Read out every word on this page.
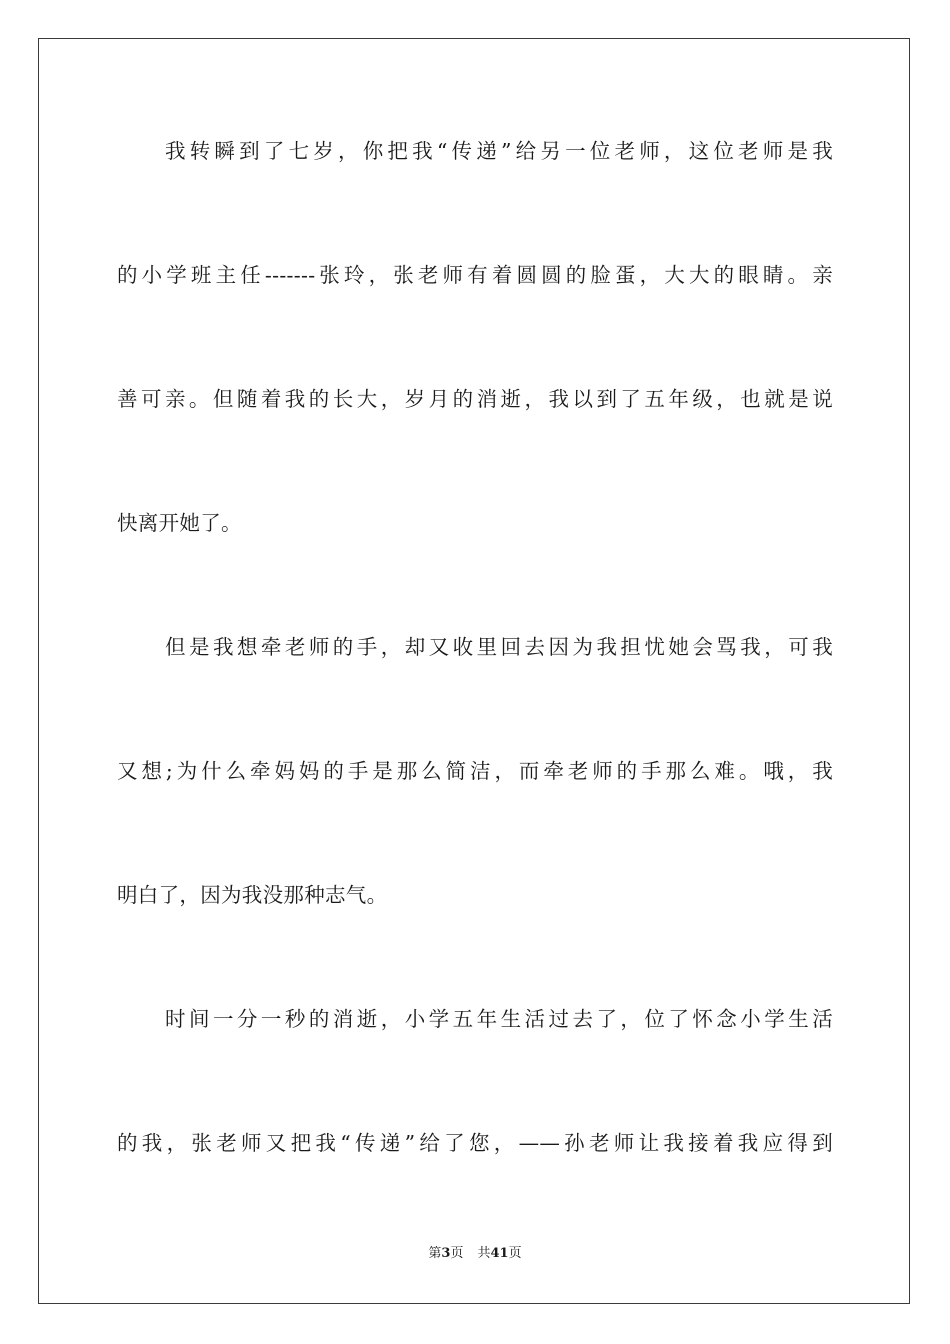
我转瞬到了七岁，你把我“传递”给另一位老师，这位老师是我
的小学班主任-------张玲，张老师有着圆圆的脸蛋，大大的眼睛。亲
善可亲。但随着我的长大，岁月的消逝，我以到了五年级，也就是说
快离开她了。
但是我想牵老师的手，却又收里回去因为我担忧她会骂我，可我
又想;为什么牵妈妈的手是那么简洁，而牵老师的手那么难。哦，我
明白了，因为我没那种志气。
时间一分一秒的消逝，小学五年生活过去了，位了怀念小学生活
的我，张老师又把我“传递”给了您，——孙老师让我接着我应得到
第3页 共41页
